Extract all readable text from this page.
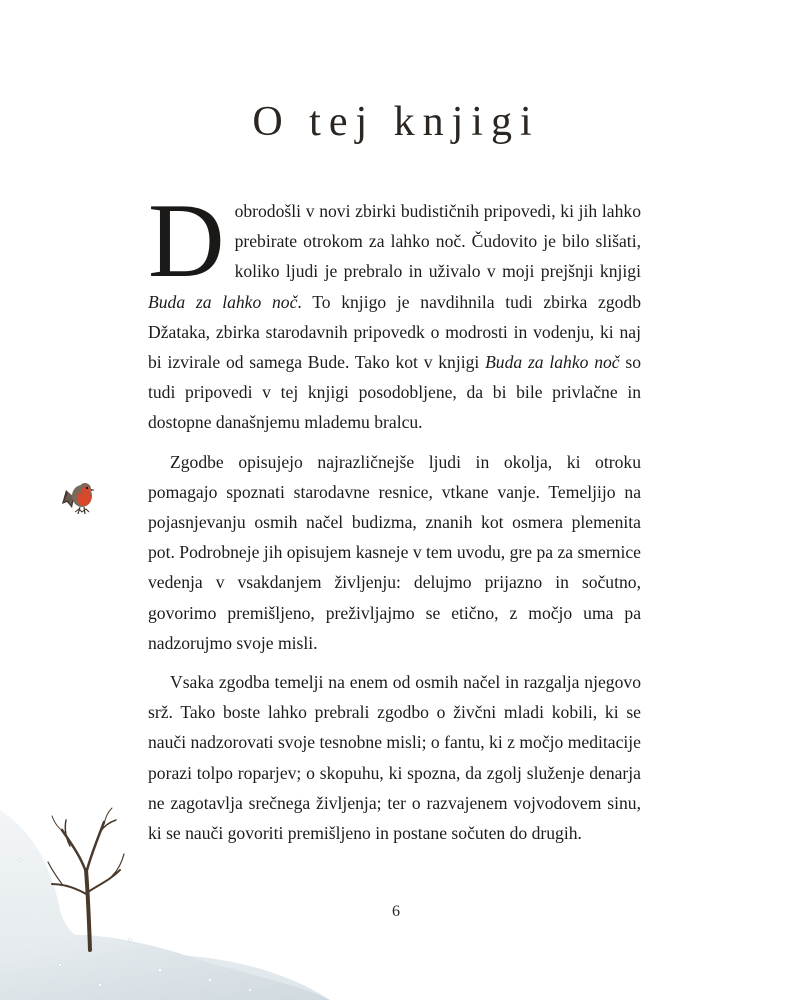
O tej knjigi

Dobrodošli v novi zbirki budističnih pripovedi, ki jih lahko prebirate otrokom za lahko noč. Čudovito je bilo slišati, koliko ljudi je prebralo in uživalo v moji prejšnji knjigi Buda za lahko noč. To knjigo je navdihnila tudi zbirka zgodb Džataka, zbirka starodavnih pripovedk o modrosti in vodenju, ki naj bi izvirale od samega Bude. Tako kot v knjigi Buda za lahko noč so tudi pripovedi v tej knjigi posodobljene, da bi bile privlačne in dostopne današnjemu mlademu bralcu.

Zgodbe opisujejo najrazličnejše ljudi in okolja, ki otroku pomagajo spoznati starodavne resnice, vtkane vanje. Temeljijo na pojasnjevanju osmih načel budizma, znanih kot osmera plemenita pot. Podrobneje jih opisujem kasneje v tem uvodu, gre pa za smernice vedenja v vsakdanjem življenju: delujmo prijazno in sočutno, govorimo premišljeno, preživljajmo se etično, z močjo uma pa nadzorujmo svoje misli.

Vsaka zgodba temelji na enem od osmih načel in razgalja njegovo srž. Tako boste lahko prebrali zgodbo o živčni mladi kobili, ki se nauči nadzorovati svoje tesnobne misli; o fantu, ki z močjo meditacije porazi tolpo roparjev; o skopuhu, ki spozna, da zgolj služenje denarja ne zagotavlja srečnega življenja; ter o razvajenem vojvodovem sinu, ki se nauči govoriti premišljeno in postane sočuten do drugih.

6
